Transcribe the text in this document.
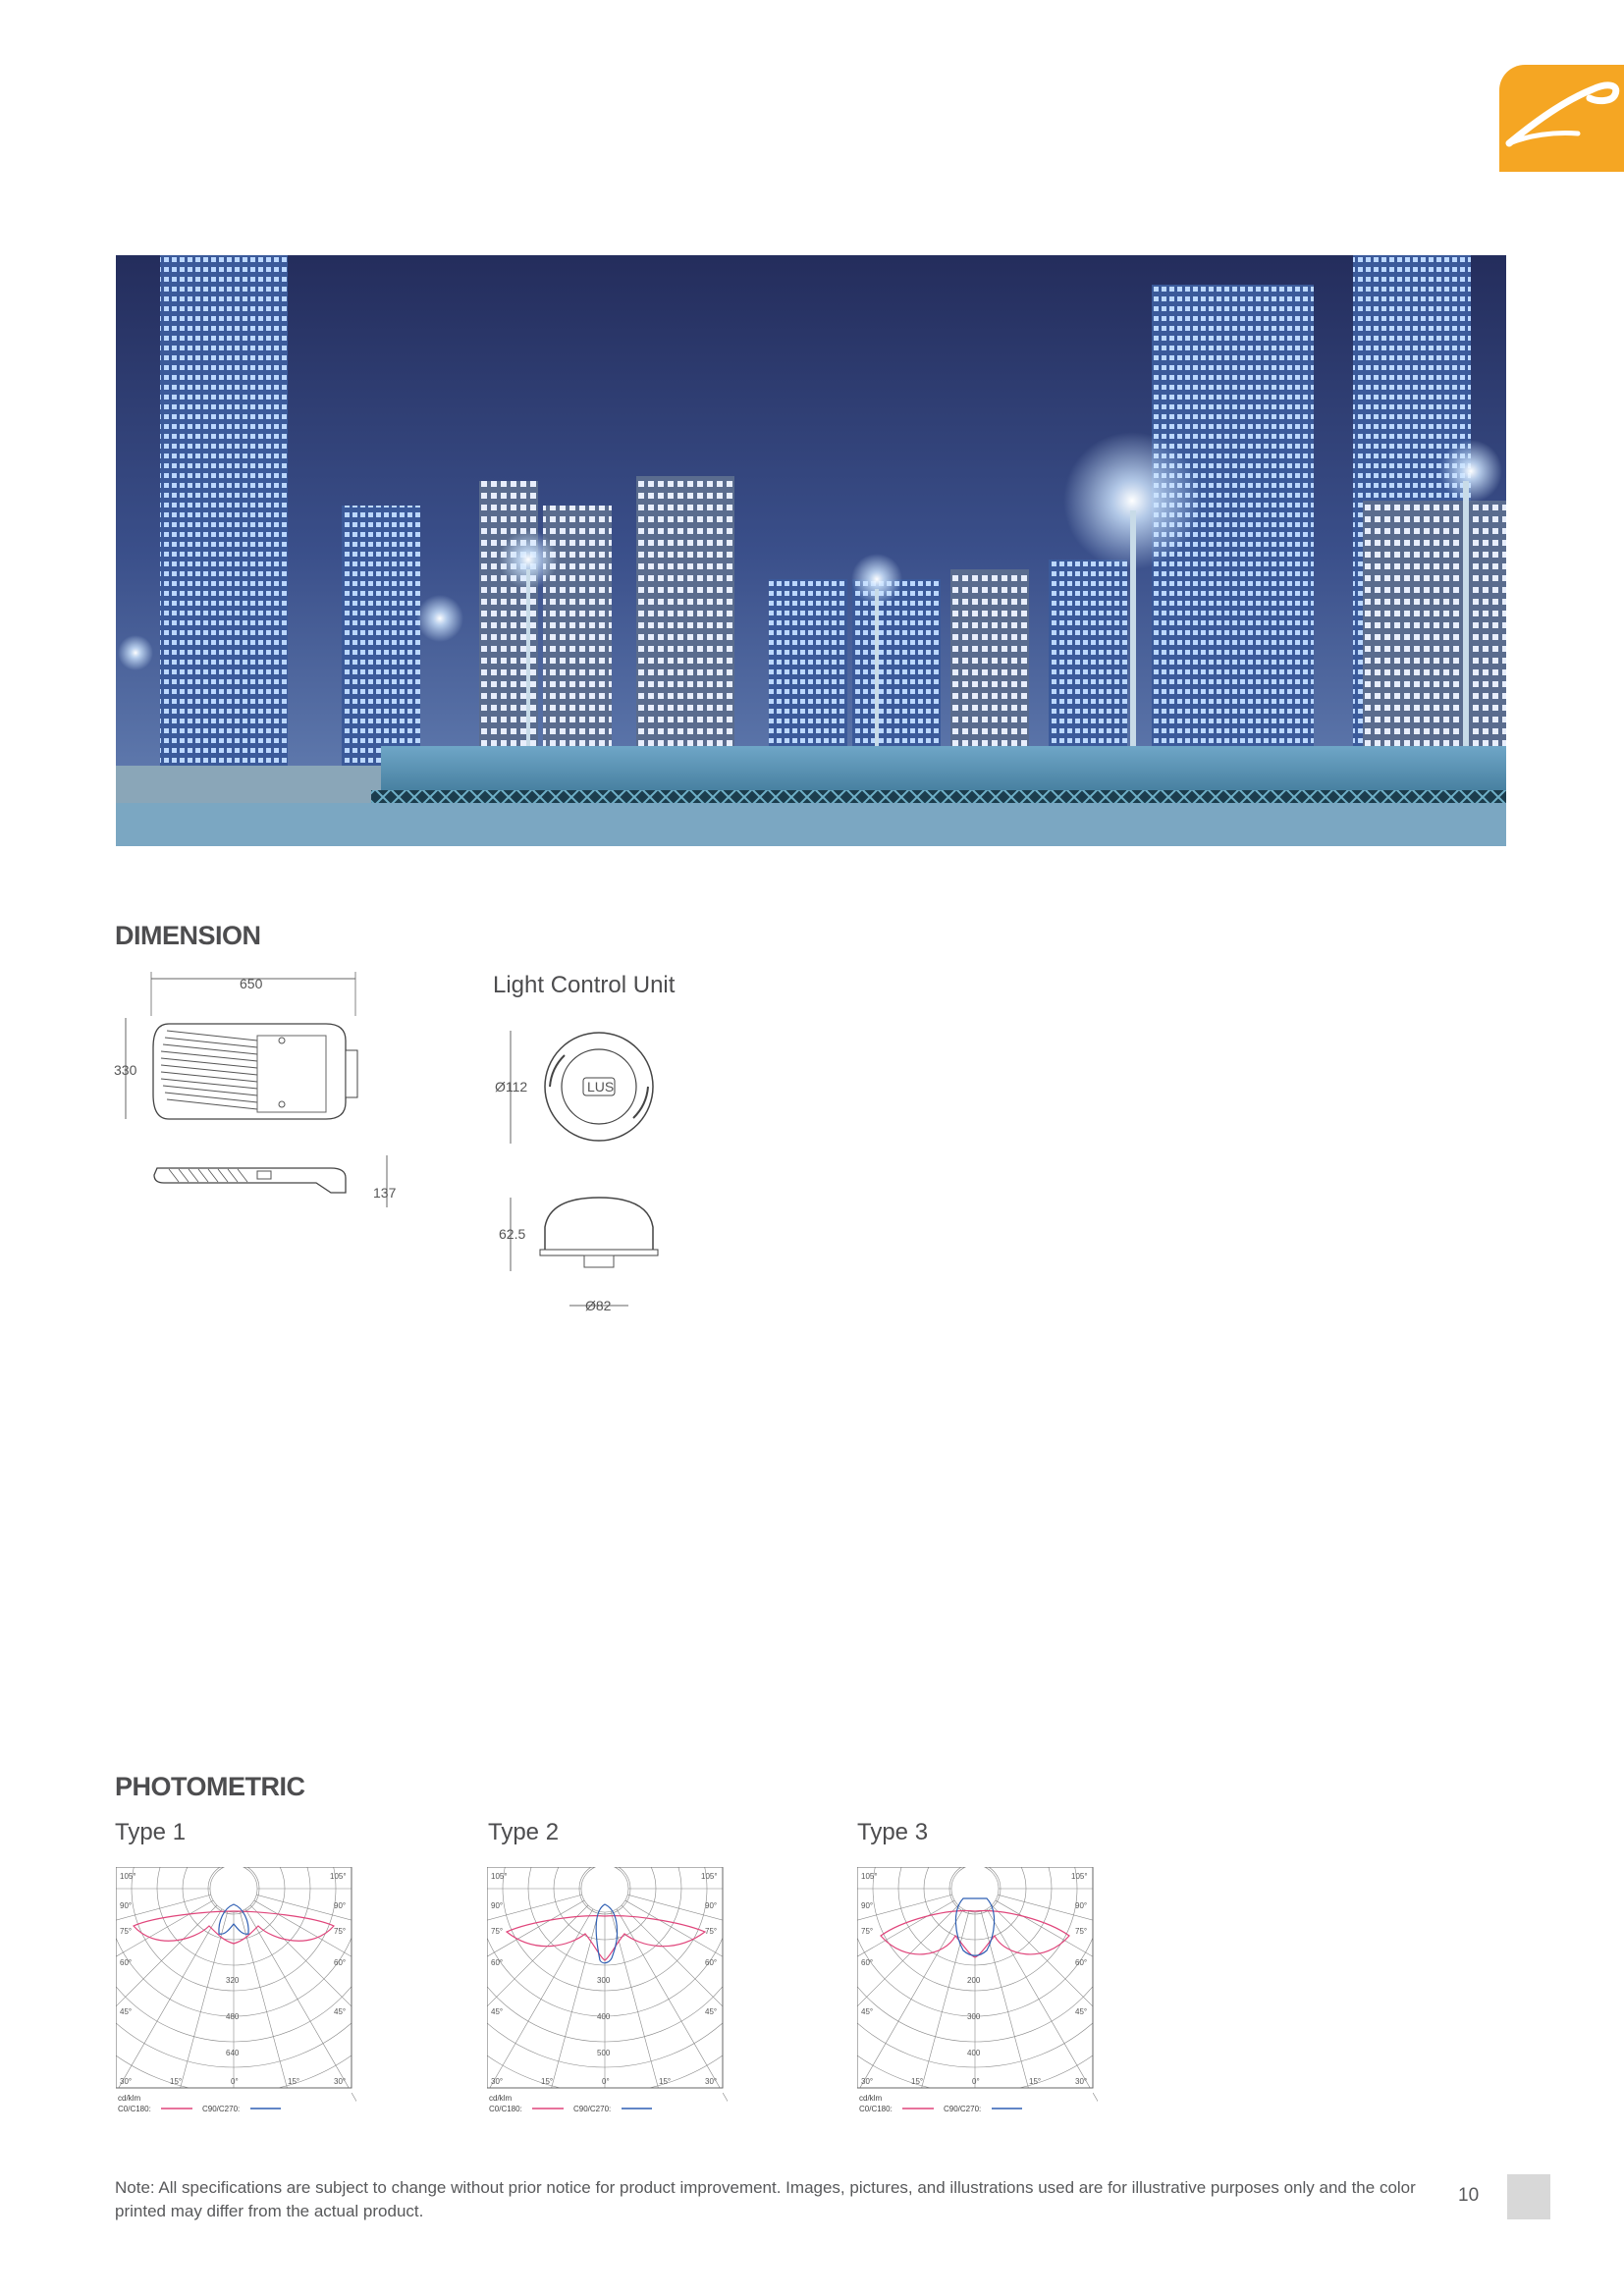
DIMENSION
650
330
137
Light Control Unit
Ø112	LUS
62.5
Ø82
PHOTOMETRIC
Type 1	Type 2	Type 3
105°	105°
90°
75°
60°
45°
90°
75°
60°
45°
30°	15°	0°	15°	30°
320
480
640
cd/klm
C0/C180:	C90/C270:
105°	105°
90°
75°
60°
45°
90°
75°
60°
45°
30°	15°	0°	15°	30°
300
400
500
cd/klm
C0/C180:	C90/C270:
105°	105°
90°
75°
60°
45°
90°
75°
60°
45°
30°	15°	0°	15°	30°
200
300
400
cd/klm
C0/C180:	C90/C270:
Note: All specifications are subject to change without prior notice for product improvement. Images, pictures, and illustrations used are for illustrative purposes only and the color printed may differ from the actual product.
10
